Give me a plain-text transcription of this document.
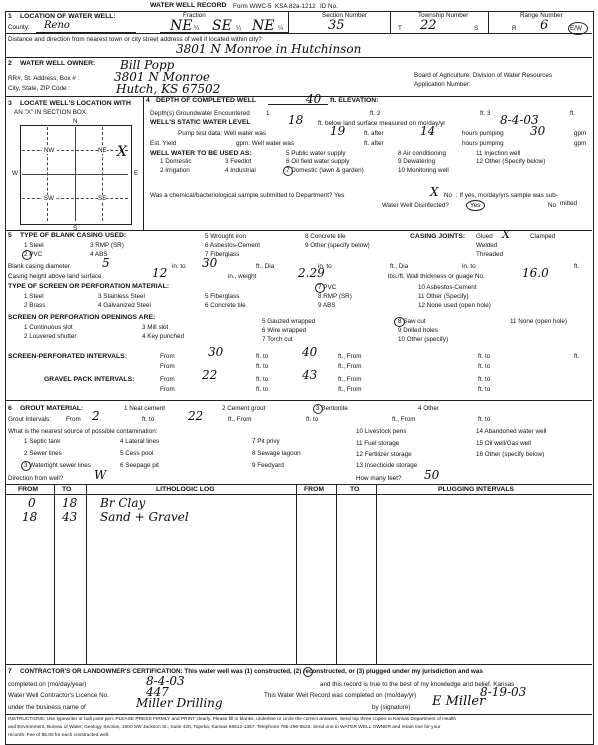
WATER WELL RECORD Form WWC-5 KSA 82a-1212 ID No.
1 LOCATION OF WATER WELL:
County: Reno
Fraction
NE ¼ SE ¼ NE ¼
Section Number
35
Township Number
T 22	S
Range Number
R 6	E/W
Distance and direction from nearest town or city street address of well if located within city?
3801 N Monroe in Hutchinson
2 WATER WELL OWNER:
RR#, St. Address, Box # :
City, State, ZIP Code :
Bill Popp
3801 N Monroe
Hutch, KS 67502
Board of Agriculture, Division of Water Resources
Application Number:
3 LOCATE WELL'S LOCATION WITH
AN "X" IN SECTION BOX:
N
S
W	E
- NW -	NE
- SW -	SE
X
4 DEPTH OF COMPLETED WELL	40 ft. ELEVATION:
Depth(s) Groundwater Encountered	1	ft. 2	ft. 3	ft.
WELL'S STATIC WATER LEVEL	18 ft. below land surface measured on mo/day/yr	8-4-03
Pump test data: Well water was	19	ft. after	14	hours pumping 30	gpm
Est. Yield	gpm: Well water was	ft. after	hours pumping	gpm
WELL WATER TO BE USED AS:
1 Domestic	3 Feedlot
5 Public water supply	8 Air conditioning	11 Injection well
2 Irrigation	4 Industrial
6 Oil field water supply	9 Dewatering	12 Other (Specify below)
7 Domestic (lawn & garden)	10 Monitoring well
Was a chemical/bacteriological sample submitted to Department? Yes	X No ; If yes, mo/day/yrs sample was sub-
mitted
Water Well Disinfected?	Yes	No
5 TYPE OF BLANK CASING USED:
1 Steel	3 RMP (SR)
5 Wrought iron	8 Concrete tile
2 PVC	4 ABS
6 Asbestos-Cement	9 Other (specify below)
7 Fiberglass
CASING JOINTS: Glued X	Clamped
Welded
Threaded
Blank casing diameter	5	in. to 30	ft., Dia	in. to	ft., Dia	in. to	ft.
Casing height above land surface	12	in., weight	2.29	lbs./ft. Wall thickness or guage No.	16.0
TYPE OF SCREEN OR PERFORATION MATERIAL:
1 Steel	3 Stainless Steel	5 Fiberglass
7 PVC	10 Asbestos-Cement
2 Brass	4 Galvanized Steel	6 Concrete tile
8 RMP (SR)	11 Other (Specify)
9 ABS	12 None used (open hole)
SCREEN OR PERFORATION OPENINGS ARE:
5 Gauzed wrapped	8 Saw cut	11 None (open hole)
1 Continuous slot	3 Mill slot	6 Wire wrapped	9 Drilled holes
2 Louvered shutter	4 Key punched	7 Torch cut	10 Other (specify)
SCREEN-PERFORATED INTERVALS:	From	30	ft. to	40	ft., From	ft. to	ft.
From	ft. to	ft., From	ft. to
GRAVEL PACK INTERVALS:	From 22	ft. to	43	ft., From	ft. to
From	ft. to	ft., From	ft. to
6 GROUT MATERIAL:	1 Neat cement	2 Cement grout	3 Bentonite	4 Other
Grout Intervals: From 2	ft. to	22	ft., From	ft. to	ft., From	ft. to
What is the nearest source of possible contamination:
1 Septic tank	4 Lateral lines	7 Pit privy
10 Livestock pens	14 Abandoned water well
2 Sewer lines	5 Cess pool	8 Sewage lagoon
11 Fuel storage	15 Oil well/Gas well
3 Watertight sewer lines	6 Seepage pit	9 Feedyard
12 Fertilizer storage	16 Other (specify below)
13 Insecticide storage
Direction from well?	W	How many feet? 50
FROM	TO	LITHOLOGIC LOG	FROM	TO	PLUGGING INTERVALS
0 18 Br Clay
18 43 Sand + Gravel
7 CONTRACTOR'S OR LANDOWNER'S CERTIFICATION: This water well was (1) constructed, (2) reconstructed, or (3) plugged under my jurisdiction and was
completed on (mo/day/year)	8-4-03	and this record is true to the best of my knowledge and belief. Kansas
Water Well Contractor's Licence No.	447	This Water Well Record was completed on (mo/day/yr)	8-19-03
under the business name of	Miller Drilling	by (signature) E Miller
INSTRUCTIONS: Use typewriter or ball point pen. PLEASE PRESS FIRMLY and PRINT clearly. Please fill in blanks, underline or circle the correct answers. Send top three copies to Kansas Department of Health
and Environment, Bureau of Water, Geology Section, 1000 SW Jackson St., Suite 420, Topeka, Kansas 66612-1367. Telephone 785-296-5522. Send one to WATER WELL OWNER and retain one for your
records. Fee of $5.00 for each constructed well.
